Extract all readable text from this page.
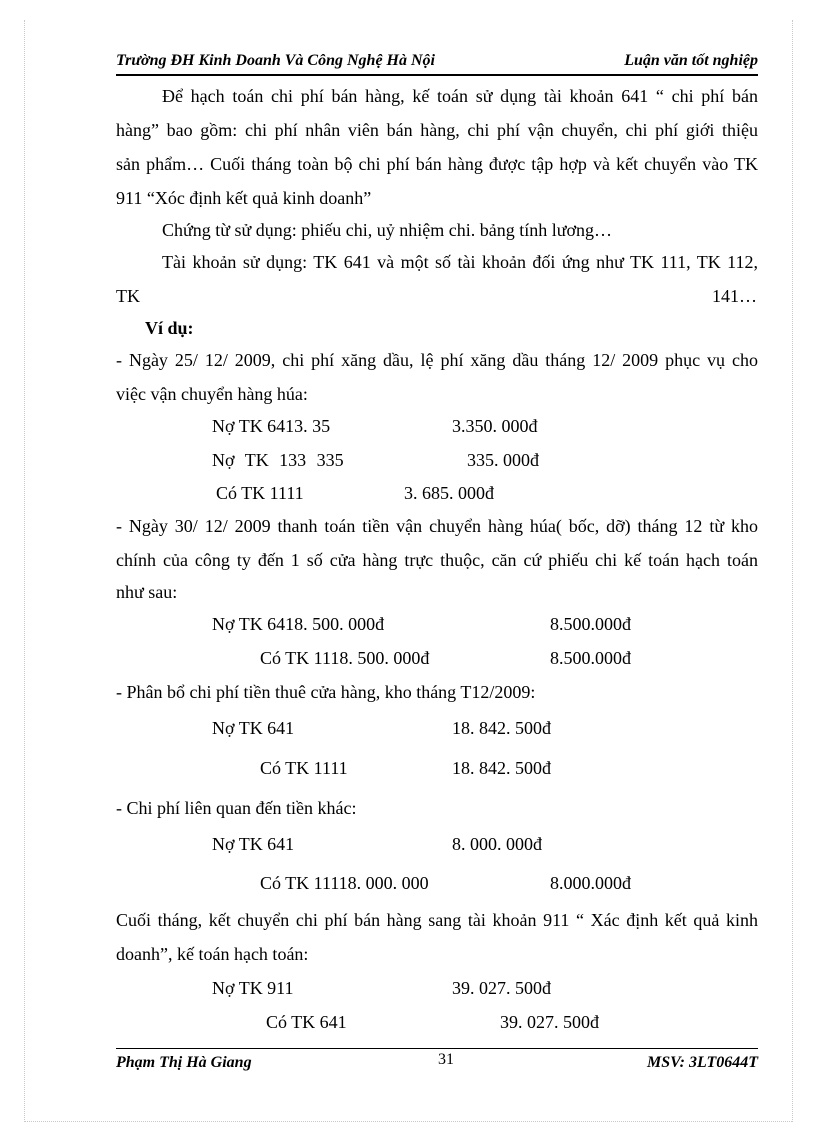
Trường ĐH Kinh Doanh Và Công Nghệ Hà Nội	Luận văn tốt nghiệp
Để hạch toán chi phí bán hàng, kế toán sử dụng tài khoản 641 “ chi phí bán
hàng” bao gồm: chi phí nhân viên bán hàng, chi phí vận chuyển, chi phí giới thiệu
sản phẩm… Cuối tháng toàn bộ chi phí bán hàng được tập hợp và kết chuyển vào TK
911 “Xóc định kết quả kinh doanh”
Chứng từ sử dụng: phiếu chi, uỷ nhiệm chi. bảng tính lương…
Tài khoản sử dụng: TK 641 và một số tài khoản đối ứng như TK 111, TK 112,
TK	141…
Ví dụ:
- Ngày 25/ 12/ 2009, chi phí xăng dầu, lệ phí xăng dầu tháng 12/ 2009 phục vụ cho
việc vận chuyển hàng húa:
Nợ TK 6413. 35	3.350. 000đ
Nợ TK 133 335	335. 000đ
Có TK 1111	3. 685. 000đ
- Ngày 30/ 12/ 2009 thanh toán tiền vận chuyển hàng húa( bốc, dỡ) tháng 12 từ kho
chính của công ty đến 1 số cửa hàng trực thuộc, căn cứ phiếu chi kế toán hạch toán
như sau:
Nợ TK 6418. 500. 000đ	8.500.000đ
Có TK 1118. 500. 000đ	8.500.000đ
- Phân bổ chi phí tiền thuê cửa hàng, kho tháng T12/2009:
Nợ TK 641	18. 842. 500đ
Có TK 1111	18. 842. 500đ
- Chi phí liên quan đến tiền khác:
Nợ TK 641	8. 000. 000đ
Có TK 11118. 000. 000	8.000.000đ
Cuối tháng, kết chuyển chi phí bán hàng sang tài khoản 911 “ Xác định kết quả kinh
doanh”, kế toán hạch toán:
Nợ TK 911	39. 027. 500đ
Có TK 641	39. 027. 500đ
Phạm Thị Hà Giang	31	MSV: 3LT0644T
